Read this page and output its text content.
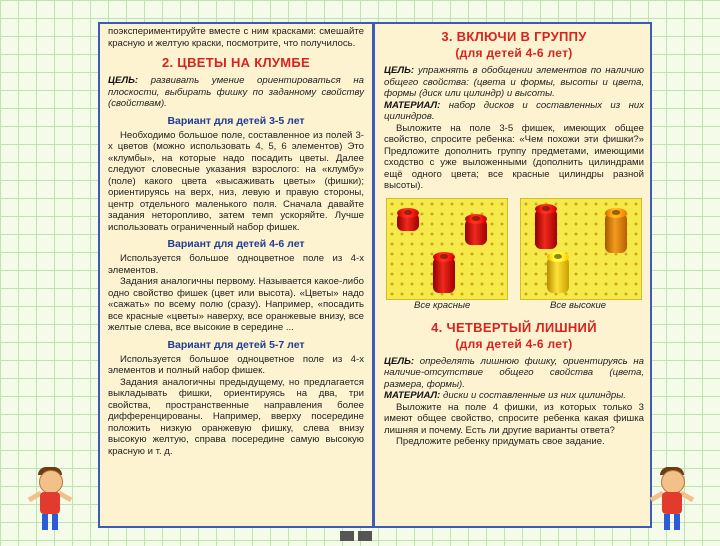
поэкспериментируйте вместе с ним красками: смешайте красную и желтую краски, посмотрите, что получилось.

2. ЦВЕТЫ НА КЛУМБЕ

ЦЕЛЬ: развивать умение ориентироваться на плоскости, выбирать фишку по заданному свойству (свойствам).

Вариант для детей 3-5 лет

Необходимо большое поле, составленное из полей 3-х цветов (можно использовать 4, 5, 6 элементов) Это «клумбы», на которые надо посадить цветы. Далее следуют словесные указания взрослого: на «клумбу» (поле) какого цвета «высаживать цветы» (фишки); ориентируясь на верх, низ, левую и правую стороны, центр отдельного маленького поля. Сначала давайте задания неторопливо, затем темп ускоряйте. Лучше использовать ограниченный набор фишек.

Вариант для детей 4-6 лет

Используется большое одноцветное поле из 4-х элементов.

Задания аналогичны первому. Называется какое-либо одно свойство фишек (цвет или высота). «Цветы» надо «сажать» по всему полю (сразу). Например, «посадить все красные «цветы» наверху, все оранжевые внизу, все желтые слева, все высокие в середине ...

Вариант для детей 5-7 лет

Используется большое одноцветное поле из 4-х элементов и полный набор фишек.

Задания аналогичны предыдущему, но предлагается выкладывать фишки, ориентируясь на два, три свойства, пространственные направления более дифференцированы. Например, вверху посередине положить низкую оранжевую фишку, слева внизу высокую желтую, справа посередине самую высокую красную и т. д.

3. ВКЛЮЧИ В ГРУППУ
(для детей 4-6 лет)

ЦЕЛЬ: упражнять в обобщении элементов по наличию общего свойства: (цвета и формы, высоты и цвета, формы (диск или цилиндр) и высоты.

МАТЕРИАЛ: набор дисков и составленных из них цилиндров.

Выложите на поле 3-5 фишек, имеющих общее свойство, спросите ребенка: «Чем похожи эти фишки?» Предложите дополнить группу предметами, имеющими сходство с уже выложенными (дополнить цилиндрами ещё одного цвета; все красные цилиндры разной высоты).

Все красные	Все высокие
4. ЧЕТВЕРТЫЙ ЛИШНИЙ
(для детей 4-6 лет)

ЦЕЛЬ: определять лишнюю фишку, ориентируясь на наличие-отсутствие общего свойства (цвета, размера, формы).

МАТЕРИАЛ: диски и составленные из них цилиндры.

Выложите на поле 4 фишки, из которых только 3 имеют общее свойство, спросите ребенка какая фишка лишняя и почему. Есть ли другие варианты ответа?

Предложите ребенку придумать свое задание.
